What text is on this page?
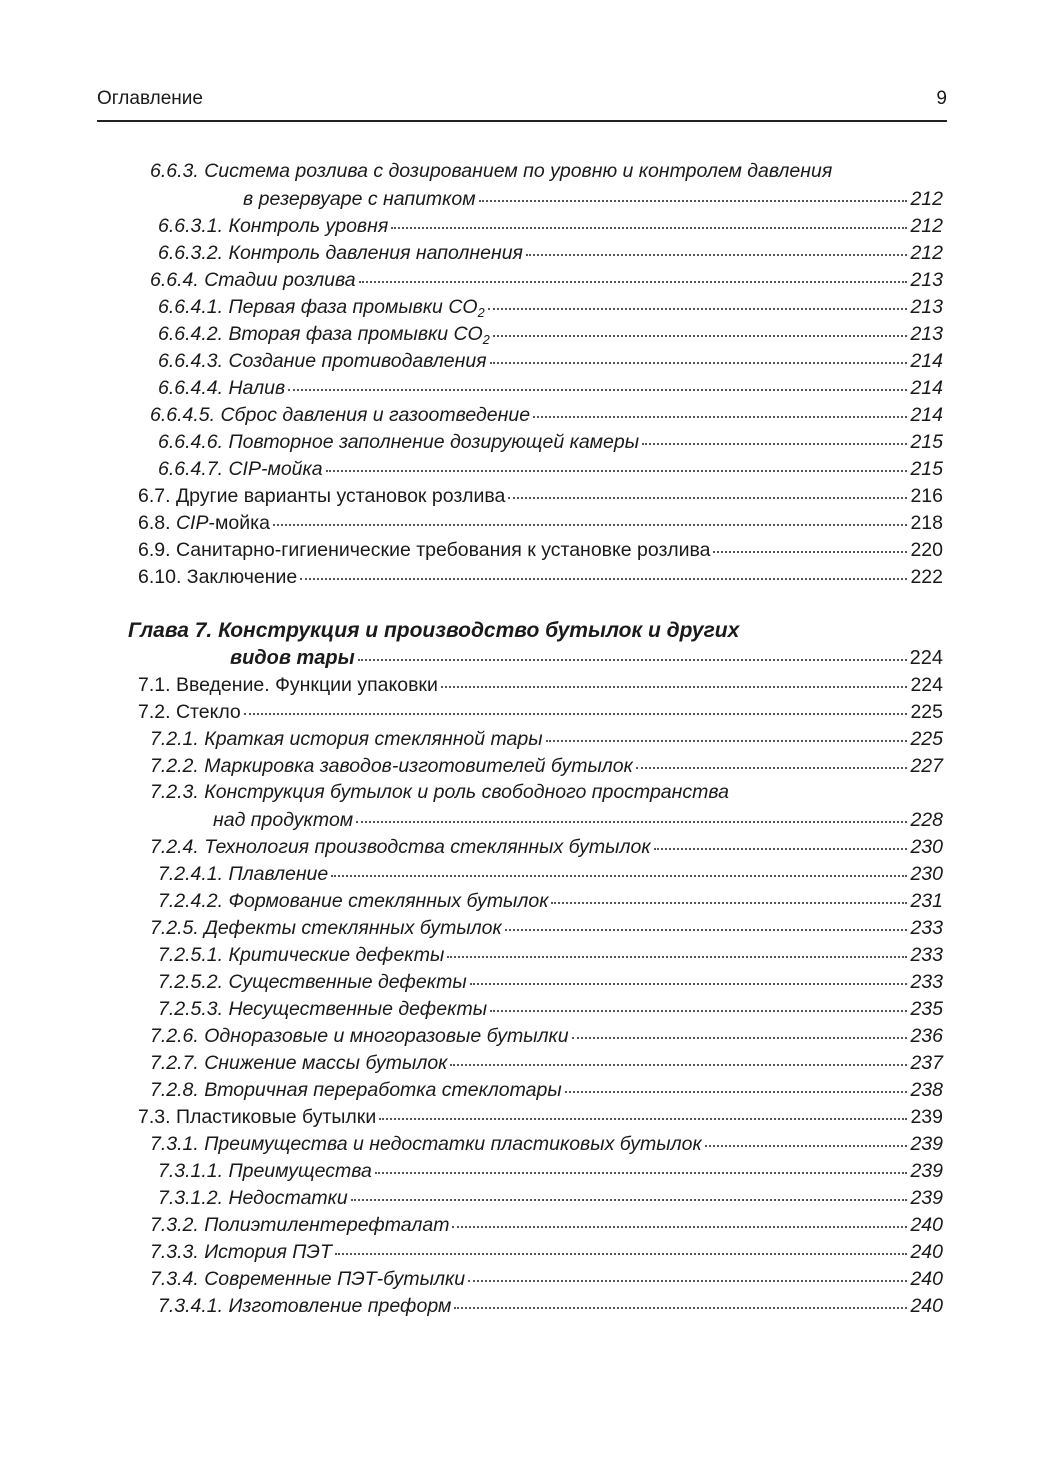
Оглавление	9
6.6.3. Система розлива с дозированием по уровню и контролем давления
в резервуаре с напитком	212
6.6.3.1. Контроль уровня	212
6.6.3.2. Контроль давления наполнения	212
6.6.4. Стадии розлива	213
6.6.4.1. Первая фаза промывки $CO_2$	213
6.6.4.2. Вторая фаза промывки $CO_2$	213
6.6.4.3. Создание противодавления	214
6.6.4.4. Налив	214
6.6.4.5. Сброс давления и газоотведение	214
6.6.4.6. Повторное заполнение дозирующей камеры	215
6.6.4.7. CIP-мойка	215
6.7. Другие варианты установок розлива	216
6.8. CIP-мойка	218
6.9. Санитарно-гигиенические требования к установке розлива	220
6.10. Заключение	222
Глава 7. Конструкция и производство бутылок и других
видов тары	224
7.1. Введение. Функции упаковки	224
7.2. Стекло	225
7.2.1. Краткая история стеклянной тары	225
7.2.2. Маркировка заводов-изготовителей бутылок	227
7.2.3. Конструкция бутылок и роль свободного пространства
над продуктом	228
7.2.4. Технология производства стеклянных бутылок	230
7.2.4.1. Плавление	230
7.2.4.2. Формование стеклянных бутылок	231
7.2.5. Дефекты стеклянных бутылок	233
7.2.5.1. Критические дефекты	233
7.2.5.2. Существенные дефекты	233
7.2.5.3. Несущественные дефекты	235
7.2.6. Одноразовые и многоразовые бутылки	236
7.2.7. Снижение массы бутылок	237
7.2.8. Вторичная переработка стеклотары	238
7.3. Пластиковые бутылки	239
7.3.1. Преимущества и недостатки пластиковых бутылок	239
7.3.1.1. Преимущества	239
7.3.1.2. Недостатки	239
7.3.2. Полиэтилентерефталат	240
7.3.3. История ПЭТ	240
7.3.4. Современные ПЭТ-бутылки	240
7.3.4.1. Изготовление преформ	240
